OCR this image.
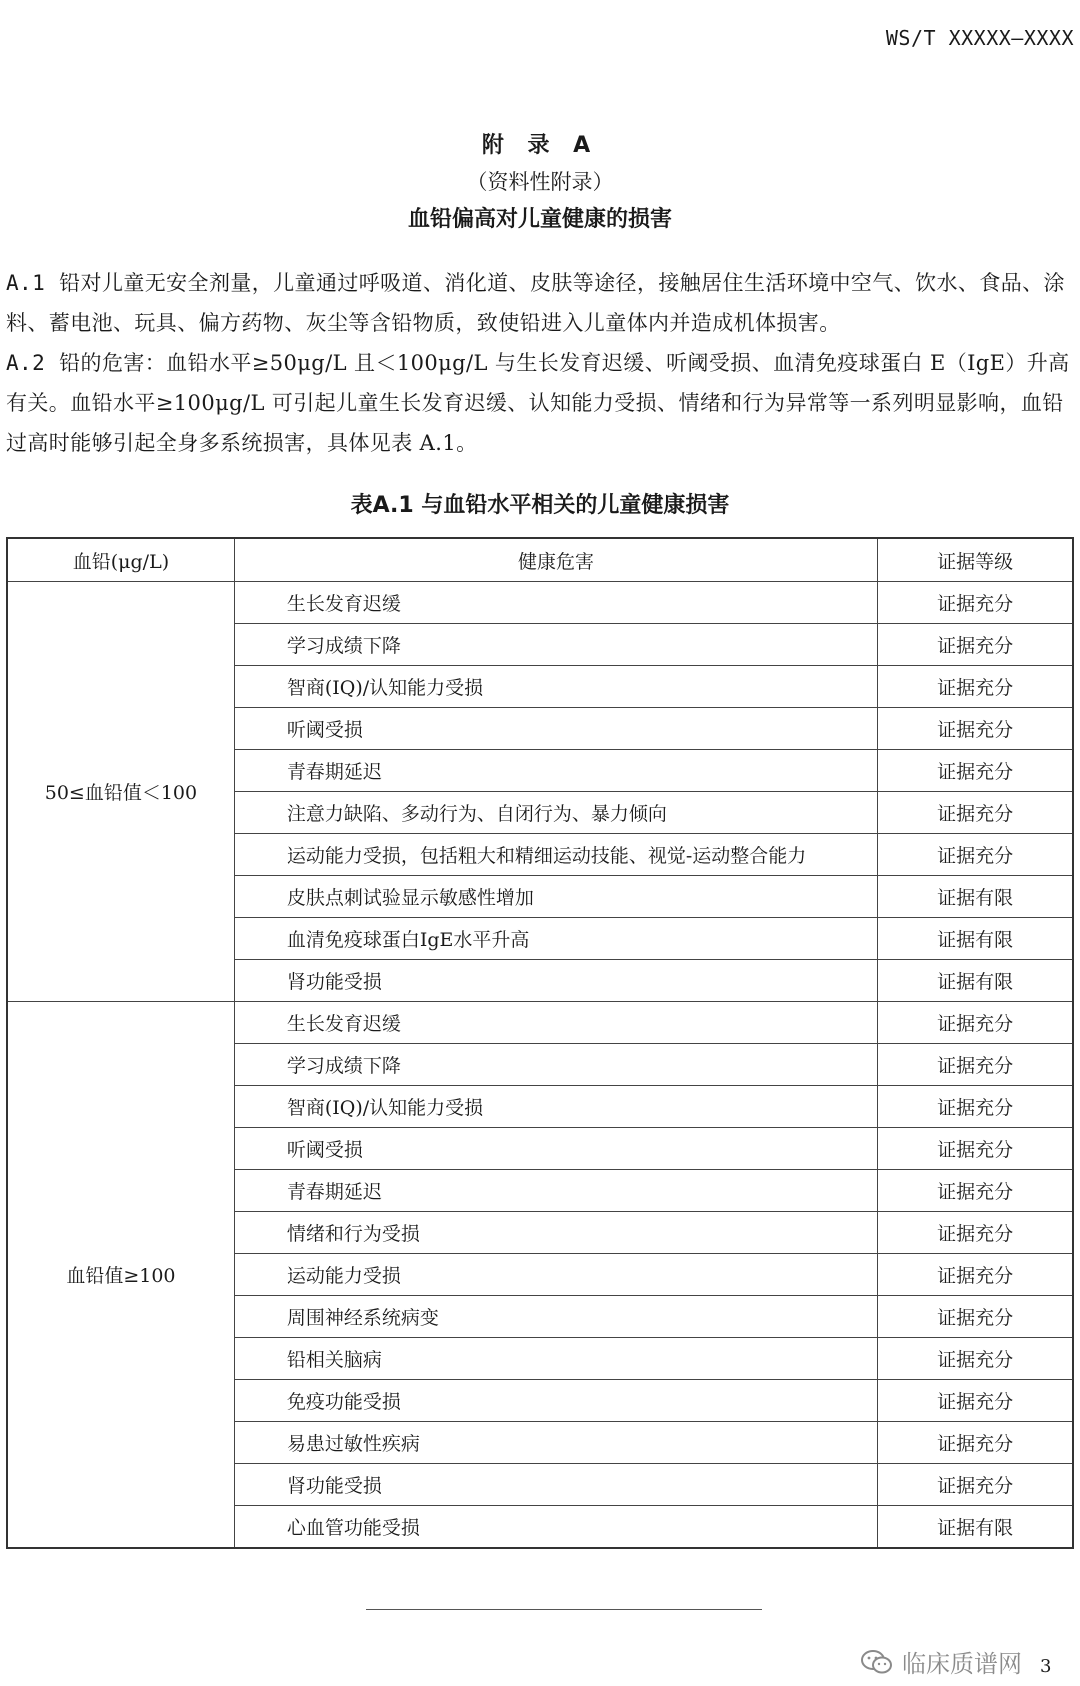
WS/T XXXXX—XXXX
附 录 A
（资料性附录）
血铅偏高对儿童健康的损害
A.1 铅对儿童无安全剂量，儿童通过呼吸道、消化道、皮肤等途径，接触居住生活环境中空气、饮水、食品、涂料、蓄电池、玩具、偏方药物、灰尘等含铅物质，致使铅进入儿童体内并造成机体损害。
A.2 铅的危害：血铅水平≥50μg/L 且＜100μg/L 与生长发育迟缓、听阈受损、血清免疫球蛋白 E（IgE）升高有关。血铅水平≥100μg/L 可引起儿童生长发育迟缓、认知能力受损、情绪和行为异常等一系列明显影响，血铅过高时能够引起全身多系统损害，具体见表 A.1。
表A.1 与血铅水平相关的儿童健康损害
血铅(μg/L)	健康危害	证据等级
50≤血铅值＜100	生长发育迟缓	证据充分
	学习成绩下降	证据充分
	智商(IQ)/认知能力受损	证据充分
	听阈受损	证据充分
	青春期延迟	证据充分
	注意力缺陷、多动行为、自闭行为、暴力倾向	证据充分
	运动能力受损，包括粗大和精细运动技能、视觉-运动整合能力	证据充分
	皮肤点刺试验显示敏感性增加	证据有限
	血清免疫球蛋白IgE水平升高	证据有限
	肾功能受损	证据有限
血铅值≥100	生长发育迟缓	证据充分
	学习成绩下降	证据充分
	智商(IQ)/认知能力受损	证据充分
	听阈受损	证据充分
	青春期延迟	证据充分
	情绪和行为受损	证据充分
	运动能力受损	证据充分
	周围神经系统病变	证据充分
	铅相关脑病	证据充分
	免疫功能受损	证据充分
	易患过敏性疾病	证据充分
	肾功能受损	证据充分
	心血管功能受损	证据有限
临床质谱网 3
